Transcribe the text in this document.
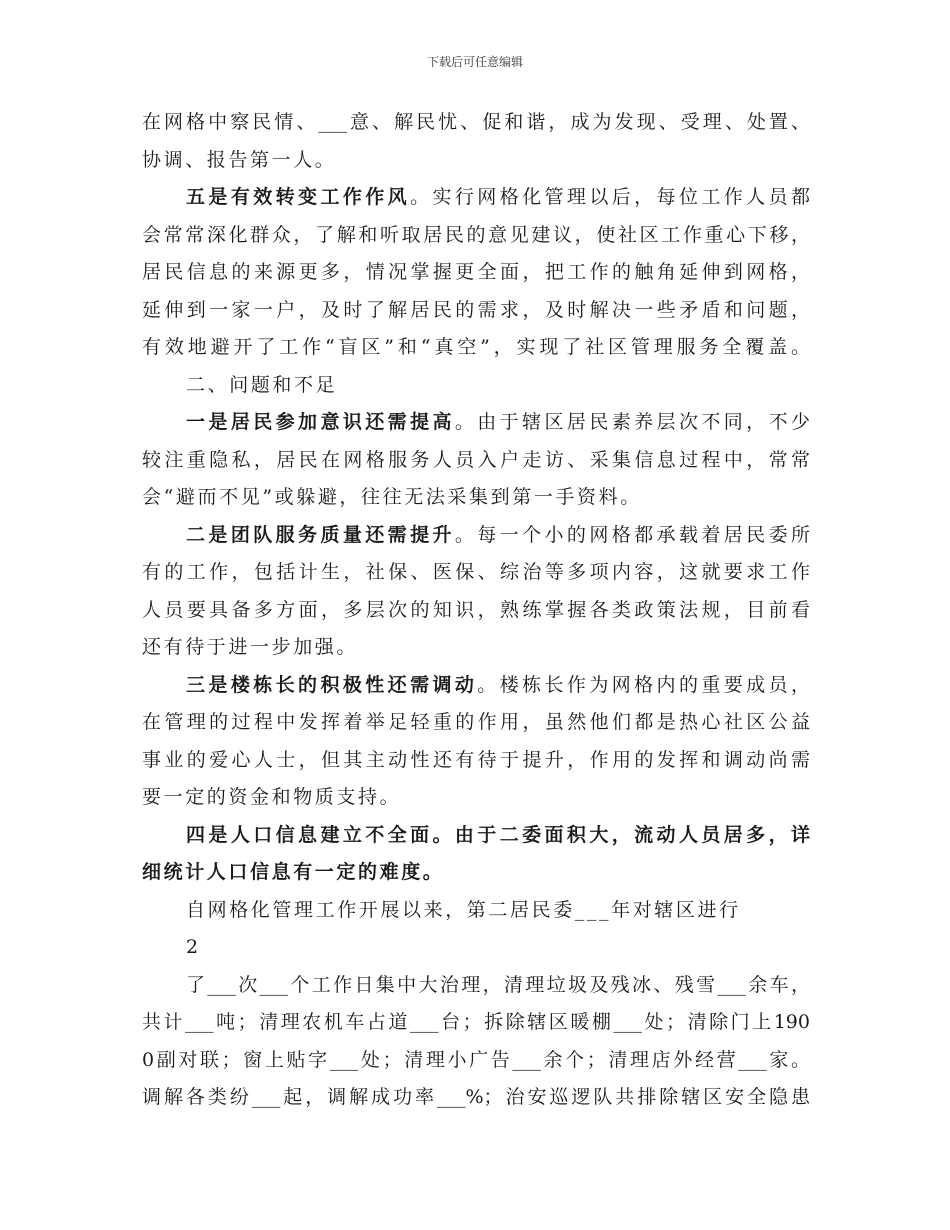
下载后可任意编辑
在网格中察民情、___意、解民忧、促和谐，成为发现、受理、处置、
协调、报告第一人。
五是有效转变工作作风。实行网格化管理以后，每位工作人员都
会常常深化群众，了解和听取居民的意见建议，使社区工作重心下移，
居民信息的来源更多，情况掌握更全面，把工作的触角延伸到网格，
延伸到一家一户，及时了解居民的需求，及时解决一些矛盾和问题，
有效地避开了工作“盲区”和“真空”，实现了社区管理服务全覆盖。
二、问题和不足
一是居民参加意识还需提高。由于辖区居民素养层次不同，不少
较注重隐私，居民在网格服务人员入户走访、采集信息过程中，常常
会“避而不见”或躲避，往往无法采集到第一手资料。
二是团队服务质量还需提升。每一个小的网格都承载着居民委所
有的工作，包括计生，社保、医保、综治等多项内容，这就要求工作
人员要具备多方面，多层次的知识，熟练掌握各类政策法规，目前看
还有待于进一步加强。
三是楼栋长的积极性还需调动。楼栋长作为网格内的重要成员，
在管理的过程中发挥着举足轻重的作用，虽然他们都是热心社区公益
事业的爱心人士，但其主动性还有待于提升，作用的发挥和调动尚需
要一定的资金和物质支持。
四是人口信息建立不全面。由于二委面积大，流动人员居多，详
细统计人口信息有一定的难度。
自网格化管理工作开展以来，第二居民委___年对辖区进行
2
了___次___个工作日集中大治理，清理垃圾及残冰、残雪___余车，
共计___吨；清理农机车占道___台；拆除辖区暖棚___处；清除门上190
0副对联；窗上贴字___处；清理小广告___余个；清理店外经营___家。
调解各类纷___起，调解成功率___%；治安巡逻队共排除辖区安全隐患
